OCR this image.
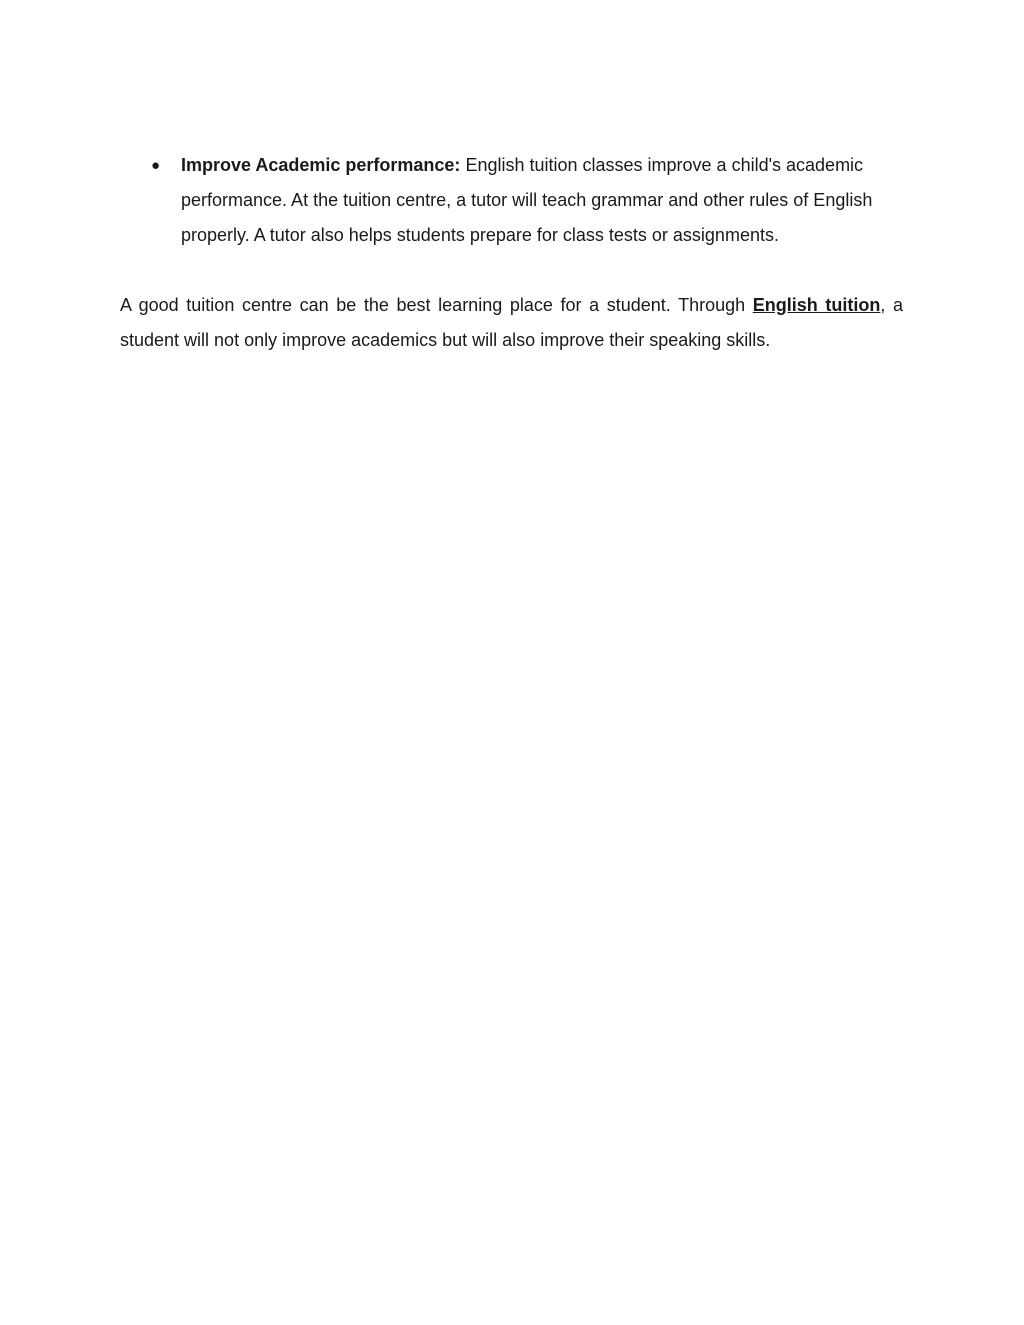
● Improve Academic performance: English tuition classes improve a child's academic performance. At the tuition centre, a tutor will teach grammar and other rules of English properly. A tutor also helps students prepare for class tests or assignments.

A good tuition centre can be the best learning place for a student. Through English tuition, a student will not only improve academics but will also improve their speaking skills.
